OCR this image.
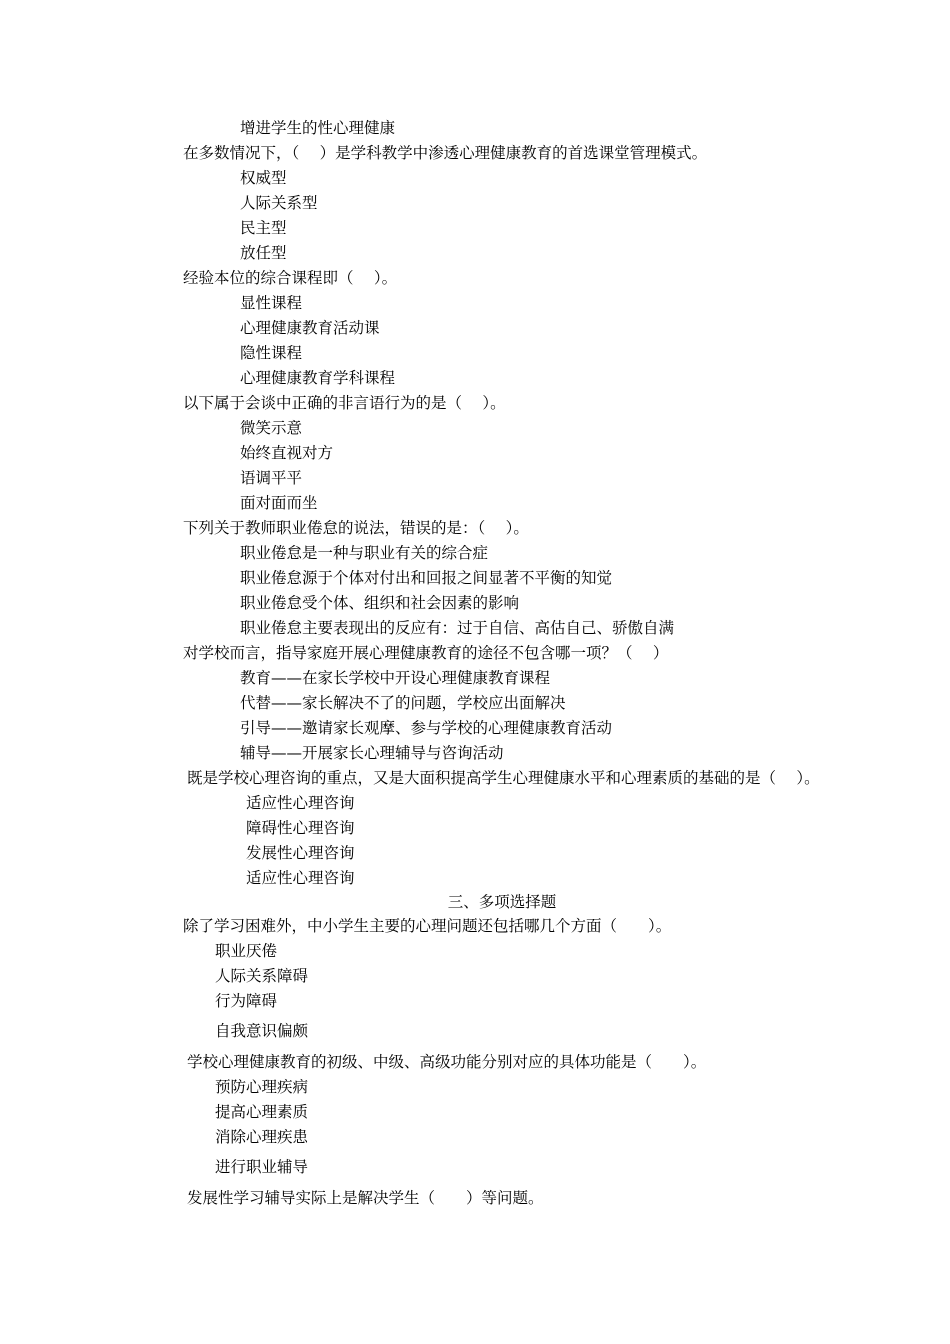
增进学生的性心理健康
在多数情况下，（　 ）是学科教学中渗透心理健康教育的首选课堂管理模式。
权威型
人际关系型
民主型
放任型
经验本位的综合课程即（　 ）。
显性课程
心理健康教育活动课
隐性课程
心理健康教育学科课程
以下属于会谈中正确的非言语行为的是（　 ）。
微笑示意
始终直视对方
语调平平
面对面而坐
下列关于教师职业倦怠的说法，错误的是：（　 ）。
职业倦怠是一种与职业有关的综合症
职业倦怠源于个体对付出和回报之间显著不平衡的知觉
职业倦怠受个体、组织和社会因素的影响
职业倦怠主要表现出的反应有：过于自信、高估自己、骄傲自满
对学校而言，指导家庭开展心理健康教育的途径不包含哪一项？（　 ）
教育——在家长学校中开设心理健康教育课程
代替——家长解决不了的问题，学校应出面解决
引导——邀请家长观摩、参与学校的心理健康教育活动
辅导——开展家长心理辅导与咨询活动
既是学校心理咨询的重点，又是大面积提高学生心理健康水平和心理素质的基础的是（　 ）。
适应性心理咨询
障碍性心理咨询
发展性心理咨询
适应性心理咨询
三、多项选择题
除了学习困难外，中小学生主要的心理问题还包括哪几个方面（　　）。
职业厌倦
人际关系障碍
行为障碍
自我意识偏颇
学校心理健康教育的初级、中级、高级功能分别对应的具体功能是（　　）。
预防心理疾病
提高心理素质
消除心理疾患
进行职业辅导
发展性学习辅导实际上是解决学生（　　）等问题。
